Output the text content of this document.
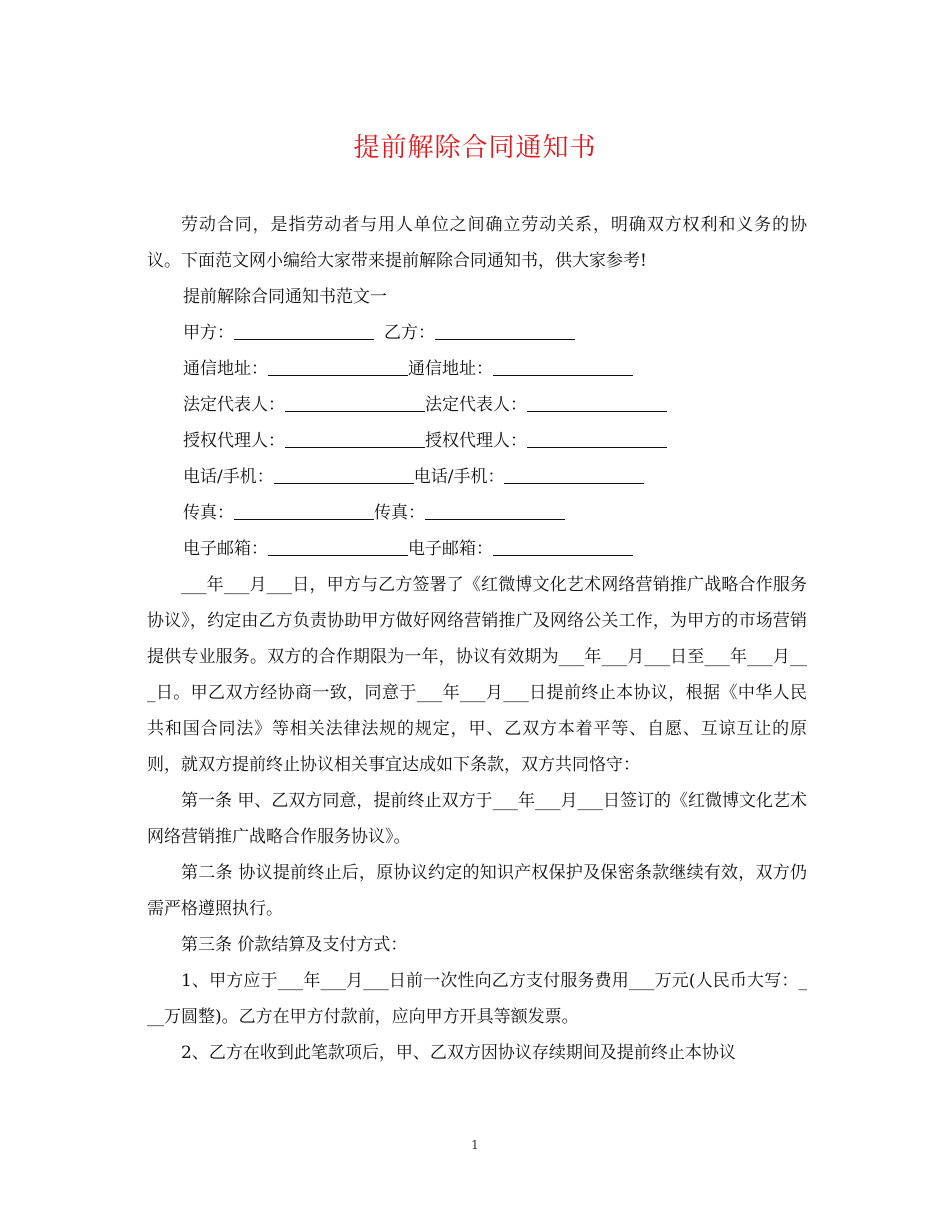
提前解除合同通知书

劳动合同，是指劳动者与用人单位之间确立劳动关系，明确双方权利和义务的协议。下面范文网小编给大家带来提前解除合同通知书，供大家参考!

提前解除合同通知书范文一

甲方：	乙方：

通信地址：	通信地址：

法定代表人：	法定代表人：

授权代理人：	授权代理人：

电话/手机：	电话/手机：

传真：	传真：

电子邮箱：	电子邮箱：

___年___月___日，甲方与乙方签署了《红微博文化艺术网络营销推广战略合作服务协议》，约定由乙方负责协助甲方做好网络营销推广及网络公关工作，为甲方的市场营销提供专业服务。双方的合作期限为一年，协议有效期为___年___月___日至___年___月___日。甲乙双方经协商一致，同意于___年___月___日提前终止本协议，根据《中华人民共和国合同法》等相关法律法规的规定，甲、乙双方本着平等、自愿、互谅互让的原则，就双方提前终止协议相关事宜达成如下条款，双方共同恪守：

第一条 甲、乙双方同意，提前终止双方于___年___月___日签订的《红微博文化艺术网络营销推广战略合作服务协议》。

第二条 协议提前终止后，原协议约定的知识产权保护及保密条款继续有效，双方仍需严格遵照执行。

第三条 价款结算及支付方式：

1、甲方应于___年___月___日前一次性向乙方支付服务费用___万元(人民币大写：___万圆整)。乙方在甲方付款前，应向甲方开具等额发票。

2、乙方在收到此笔款项后，甲、乙双方因协议存续期间及提前终止本协议

1
